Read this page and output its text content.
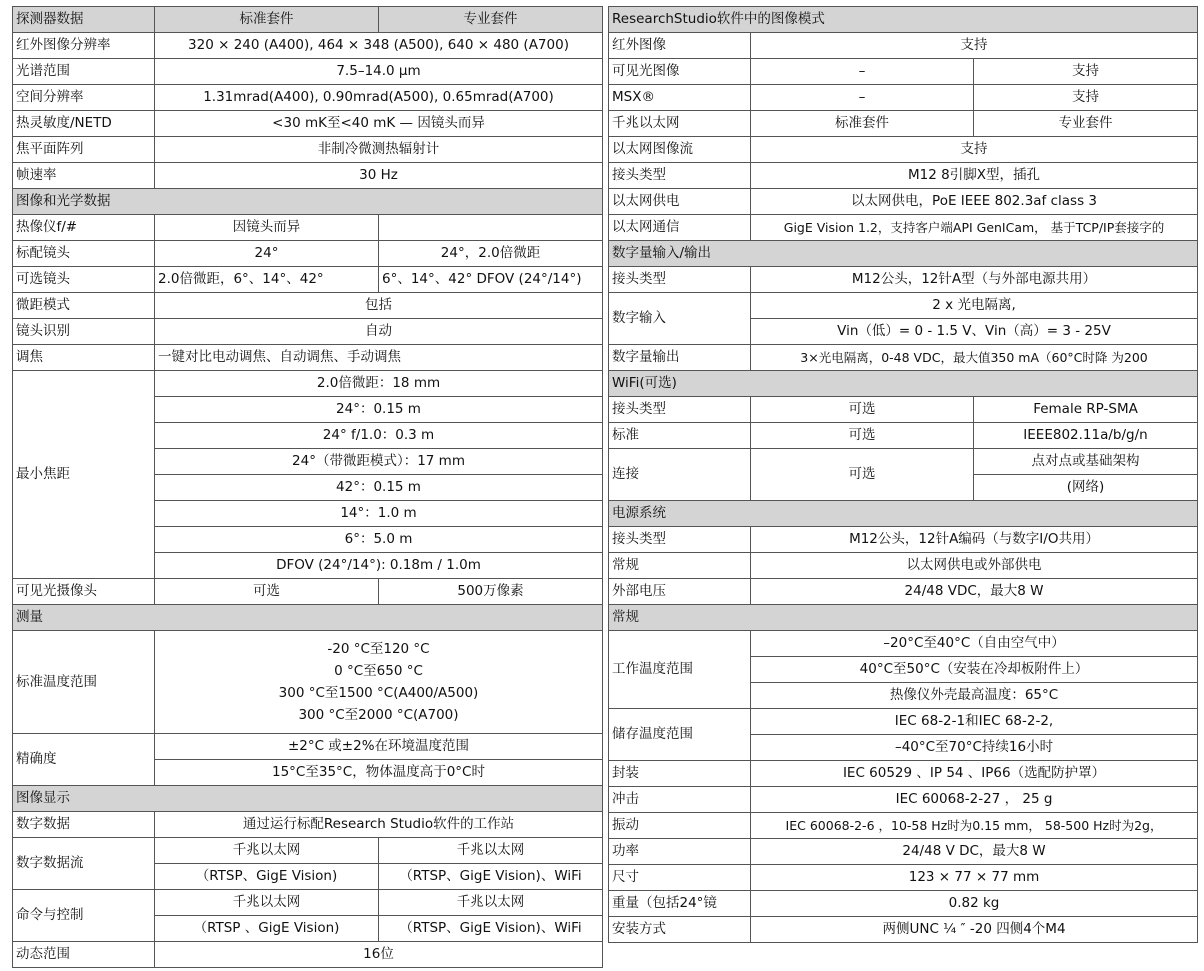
探测器数据	标准套件	专业套件
红外图像分辨率	320 × 240 (A400), 464 × 348 (A500), 640 × 480 (A700)	
光谱范围	7.5–14.0 µm	
空间分辨率	1.31mrad(A400), 0.90mrad(A500), 0.65mrad(A700)	
热灵敏度/NETD	<30 mK至<40 mK — 因镜头而异	
焦平面阵列	非制冷微测热辐射计	
帧速率	30 Hz	
图像和光学数据		
热像仪f/#	因镜头而异	
标配镜头	24°	24°，2.0倍微距
可选镜头	2.0倍微距，6°、14°、42°	6°、14°、42° DFOV (24°/14°)
微距模式	包括	
镜头识别	自动	
调焦	一键对比电动调焦、自动调焦、手动调焦	
最小焦距	2.0倍微距：18 mm	
	24°：0.15 m	
	24° f/1.0：0.3 m	
	24°（带微距模式）：17 mm	
	42°：0.15 m	
	14°：1.0 m	
	6°：5.0 m	
	DFOV (24°/14°): 0.18m / 1.0m	
可见光摄像头	可选	500万像素
测量		
标准温度范围	-20 °C至120 °C
0 °C至650 °C
300 °C至1500 °C(A400/A500)
300 °C至2000 °C(A700)	

精确度	±2°C 或±2%在环境温度范围	
	15°C至35°C，物体温度高于0°C时	
图像显示		
数字数据	通过运行标配Research Studio软件的工作站	
数字数据流	千兆以太网	千兆以太网
	（RTSP、GigE Vision)	（RTSP、GigE Vision)、WiFi
命令与控制	千兆以太网	千兆以太网
	（RTSP 、GigE Vision)	（RTSP、GigE Vision)、WiFi
动态范围	16位	
ResearchStudio软件中的图像模式		
红外图像	支持	
可见光图像	–	支持
MSX®	–	支持
千兆以太网	标准套件	专业套件
以太网图像流	支持	
接头类型	M12 8引脚X型，插孔	
以太网供电	以太网供电，PoE IEEE 802.3af class 3	
以太网通信	GigE Vision 1.2，支持客户端API GenICam， 基于TCP/IP套接字的	
数字量输入/输出		
接头类型	M12公头，12针A型（与外部电源共用）	
数字输入	2 x 光电隔离,	
	Vin（低）= 0 - 1.5 V、Vin（高）= 3 - 25V	
数字量输出	3×光电隔离，0-48 VDC，最大值350 mA（60°C时降 为200	
WiFi(可选)		
接头类型	可选	Female RP-SMA
标准	可选	IEEE802.11a/b/g/n
连接	可选	点对点或基础架构
		(网络)
电源系统		
接头类型	M12公头，12针A编码（与数字I/O共用）	
常规	以太网供电或外部供电	
外部电压	24/48 VDC，最大8 W	
常规		
工作温度范围	–20°C至40°C（自由空气中）	
	40°C至50°C（安装在冷却板附件上）	
	热像仪外壳最高温度：65°C	
储存温度范围	IEC 68-2-1和IEC 68-2-2,	
	–40°C至70°C持续16小时	
封装	IEC 60529 、IP 54 、IP66（选配防护罩）	
冲击	IEC 60068-2-27 ， 25 g	
振动	IEC 60068-2-6 ，10-58 Hz时为0.15 mm， 58-500 Hz时为2g，	
功率	24/48 V DC，最大8 W	
尺寸	123 × 77 × 77 mm	
重量（包括24°镜	0.82 kg	
安装方式	两侧UNC ¼ ″ -20 四侧4个M4	
